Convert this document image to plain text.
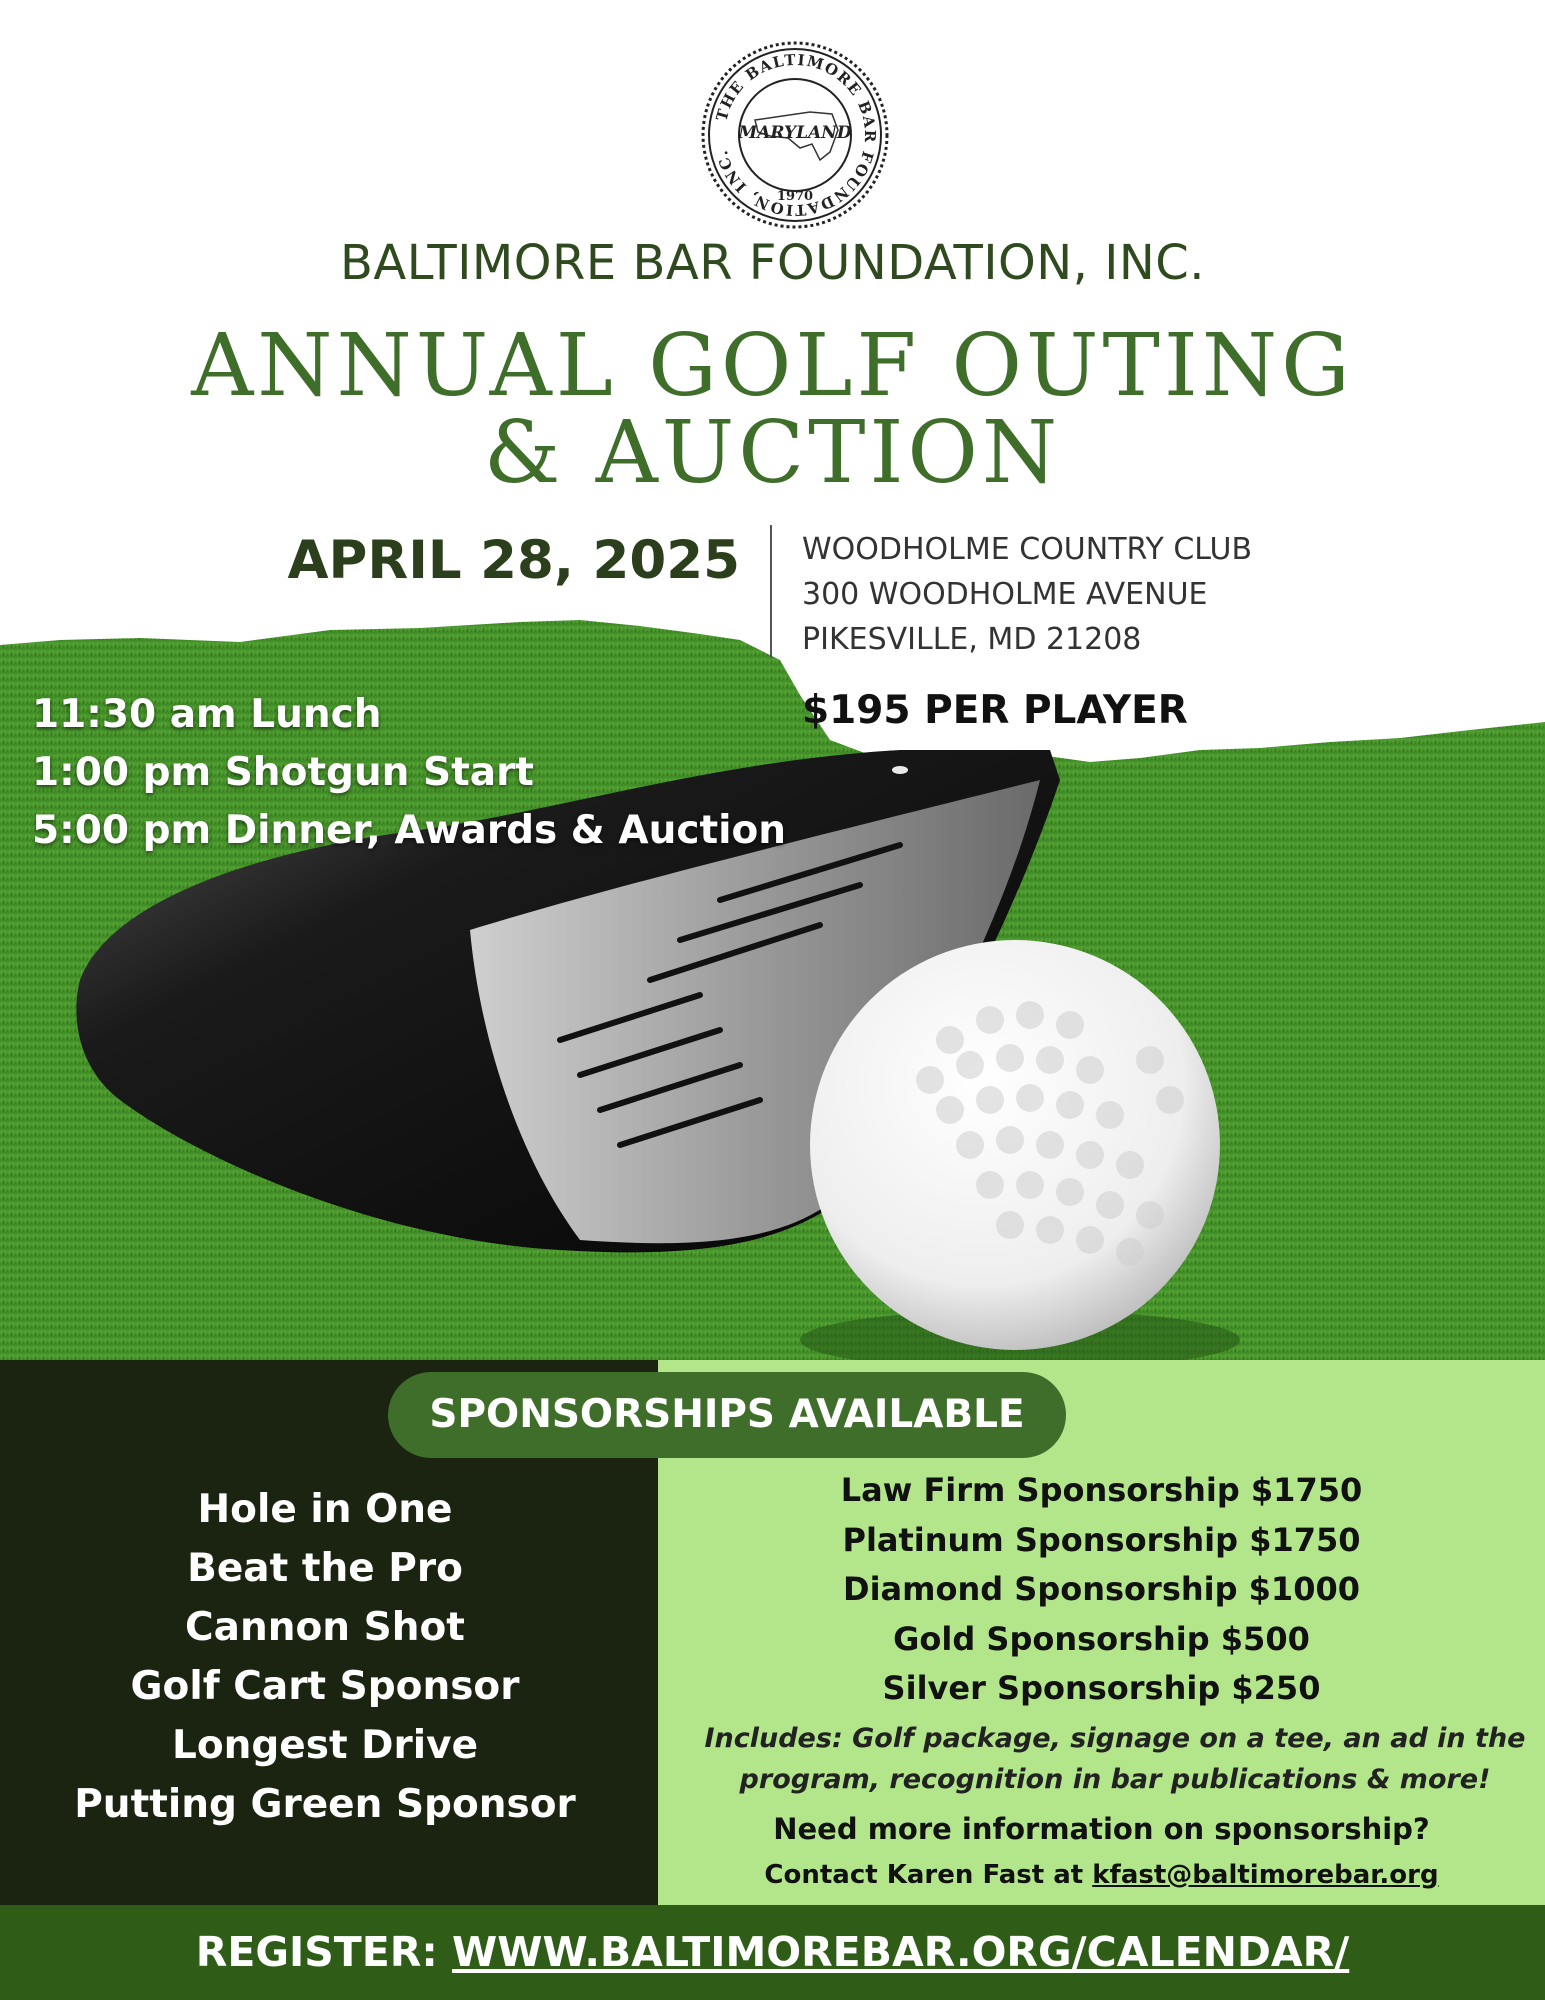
THE BALTIMORE BAR FOUNDATION, INC.
MARYLAND
1970
BALTIMORE BAR FOUNDATION, INC.
ANNUAL GOLF OUTING
& AUCTION
APRIL 28, 2025 WOODHOLME COUNTRY CLUB
300 WOODHOLME AVENUE
PIKESVILLE, MD 21208
11:30 am Lunch
1:00 pm Shotgun Start
5:00 pm Dinner, Awards & Auction
$195 PER PLAYER
SPONSORSHIPS AVAILABLE
Hole in One
Beat the Pro
Cannon Shot
Golf Cart Sponsor
Longest Drive
Putting Green Sponsor
Law Firm Sponsorship $1750
Platinum Sponsorship $1750
Diamond Sponsorship $1000
Gold Sponsorship $500
Silver Sponsorship $250
Includes: Golf package, signage on a tee, an ad in the
program, recognition in bar publications & more!
Need more information on sponsorship?
Contact Karen Fast at kfast@baltimorebar.org
REGISTER: WWW.BALTIMOREBAR.ORG/CALENDAR/
